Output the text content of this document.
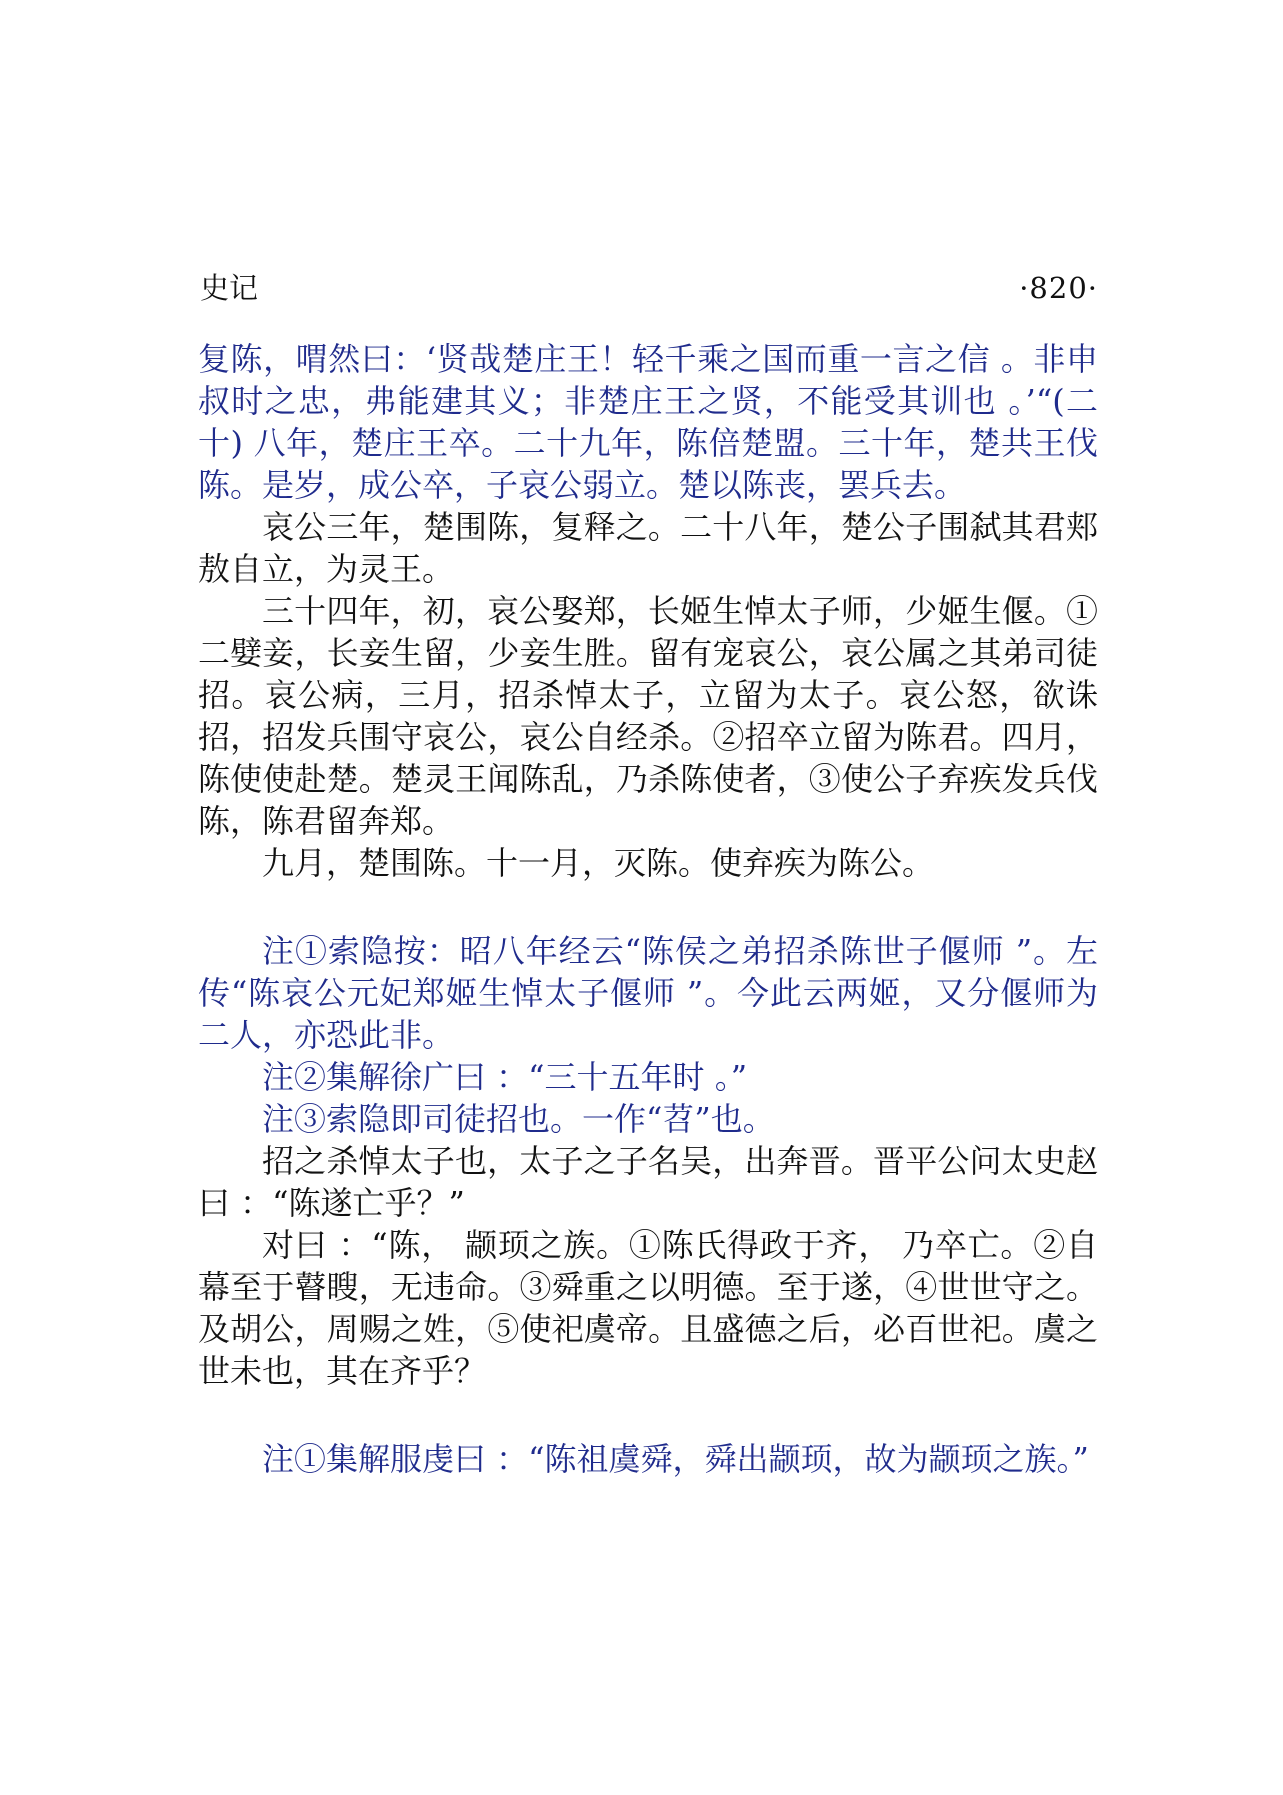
史记	·820·

复陈，喟然曰：‘贤哉楚庄王！轻千乘之国而重一言之信 。非申叔时之忠，弗能建其义；非楚庄王之贤，不能受其训也 。’“(二十) 八年，楚庄王卒。二十九年，陈倍楚盟。三十年，楚共王伐陈。是岁，成公卒，子哀公弱立。楚以陈丧，罢兵去。

哀公三年，楚围陈，复释之。二十八年，楚公子围弑其君郏敖自立，为灵王。

三十四年，初，哀公娶郑，长姬生悼太子师，少姬生偃。①二嬖妾，长妾生留，少妾生胜。留有宠哀公，哀公属之其弟司徒招。哀公病，三月，招杀悼太子，立留为太子。哀公怒，欲诛招，招发兵围守哀公，哀公自经杀。②招卒立留为陈君。四月，陈使使赴楚。楚灵王闻陈乱，乃杀陈使者，③使公子弃疾发兵伐陈，陈君留奔郑。

九月，楚围陈。十一月，灭陈。使弃疾为陈公。

注①索隐按：昭八年经云“陈侯之弟招杀陈世子偃师 ”。左传“陈哀公元妃郑姬生悼太子偃师 ”。今此云两姬，又分偃师为二人，亦恐此非。

注②集解徐广曰 ：“三十五年时 。”

注③索隐即司徒招也。一作“苕”也。

招之杀悼太子也，太子之子名吴，出奔晋。晋平公问太史赵曰 ：“陈遂亡乎？”

对曰 ：“陈， 颛顼之族。①陈氏得政于齐， 乃卒亡。②自幕至于瞽瞍，无违命。③舜重之以明德。至于遂，④世世守之。及胡公，周赐之姓，⑤使祀虞帝。且盛德之后，必百世祀。虞之世未也，其在齐乎？

注①集解服虔曰 ：“陈祖虞舜，舜出颛顼，故为颛顼之族。”
